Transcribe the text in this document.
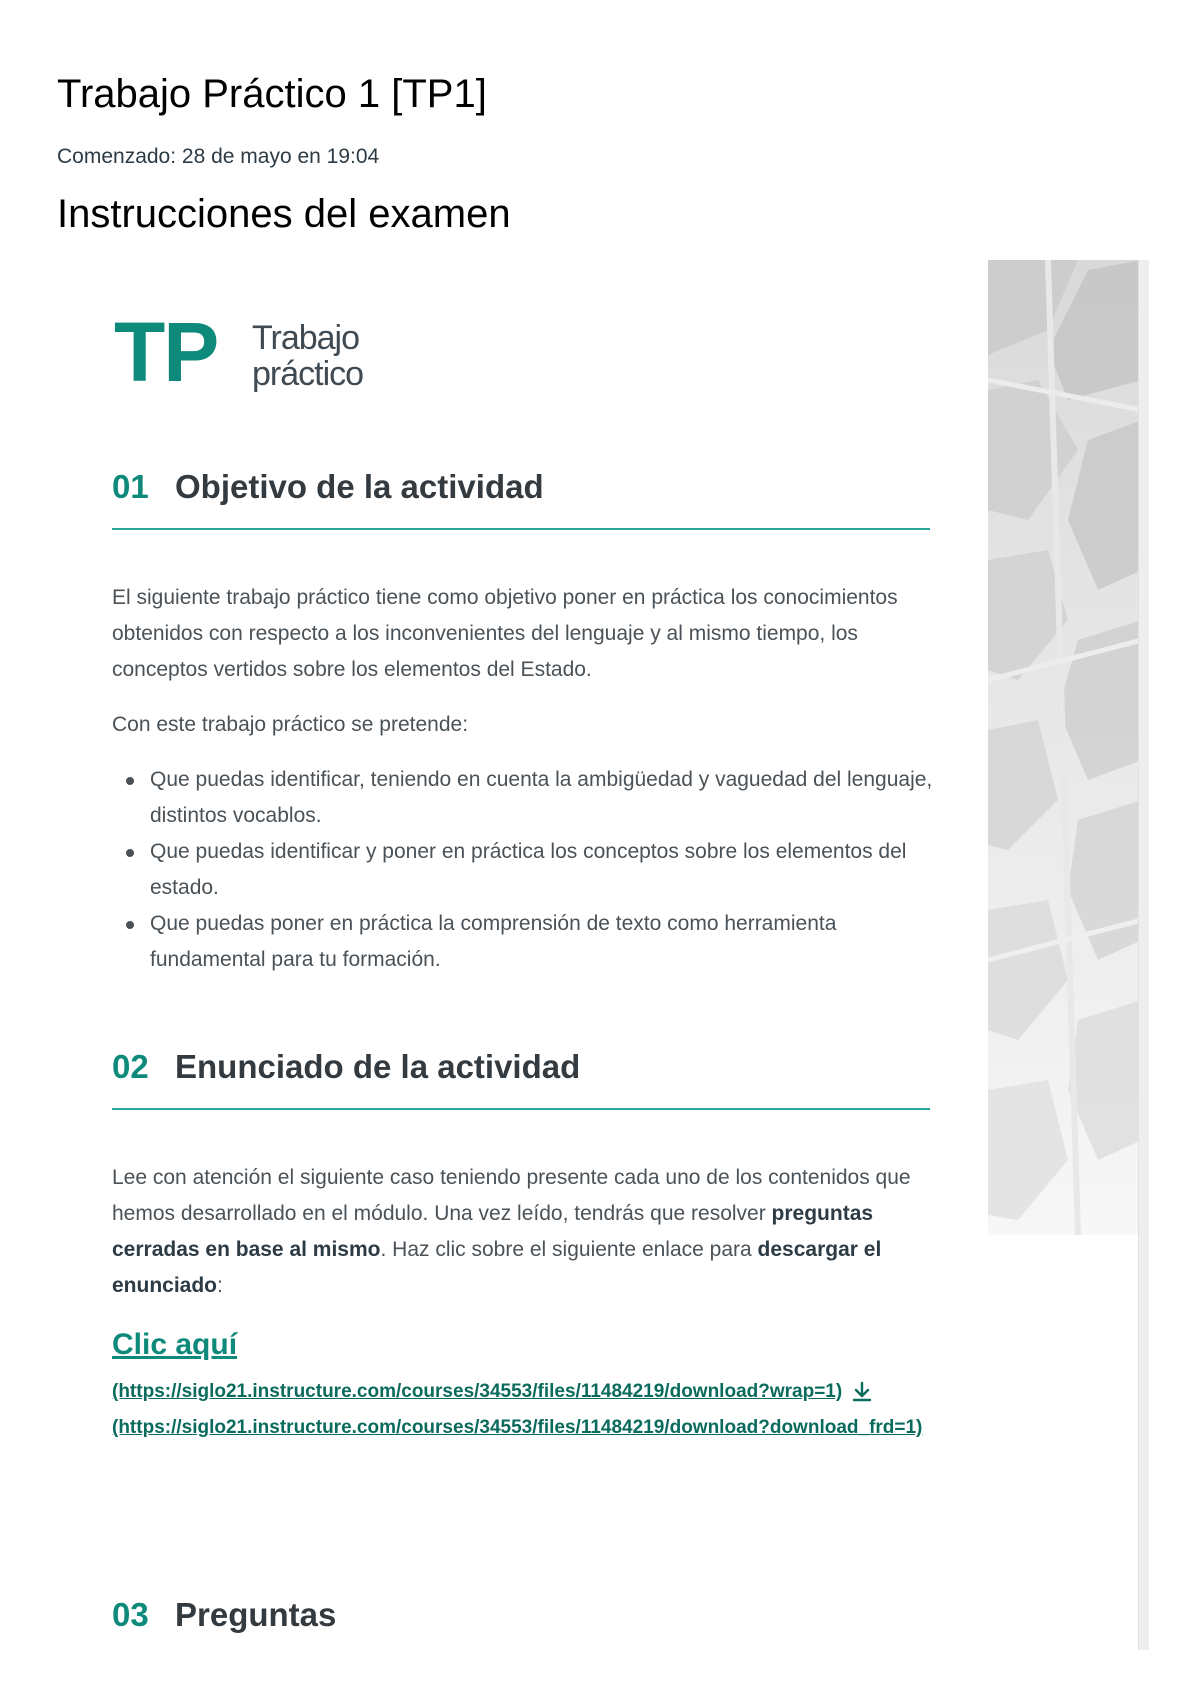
Trabajo Práctico 1 [TP1]
Comenzado: 28 de mayo en 19:04
Instrucciones del examen
TP Trabajo
práctico
01 Objetivo de la actividad

El siguiente trabajo práctico tiene como objetivo poner en práctica los conocimientos obtenidos con respecto a los inconvenientes del lenguaje y al mismo tiempo, los conceptos vertidos sobre los elementos del Estado.

Con este trabajo práctico se pretende:

Que puedas identificar, teniendo en cuenta la ambigüedad y vaguedad del lenguaje, distintos vocablos.
Que puedas identificar y poner en práctica los conceptos sobre los elementos del estado.
Que puedas poner en práctica la comprensión de texto como herramienta fundamental para tu formación.
02 Enunciado de la actividad

Lee con atención el siguiente caso teniendo presente cada uno de los contenidos que hemos desarrollado en el módulo. Una vez leído, tendrás que resolver preguntas cerradas en base al mismo. Haz clic sobre el siguiente enlace para descargar el enunciado:

Clic aquí
(https://siglo21.instructure.com/courses/34553/files/11484219/download?wrap=1)
(https://siglo21.instructure.com/courses/34553/files/11484219/download?download_frd=1)
03 Preguntas
